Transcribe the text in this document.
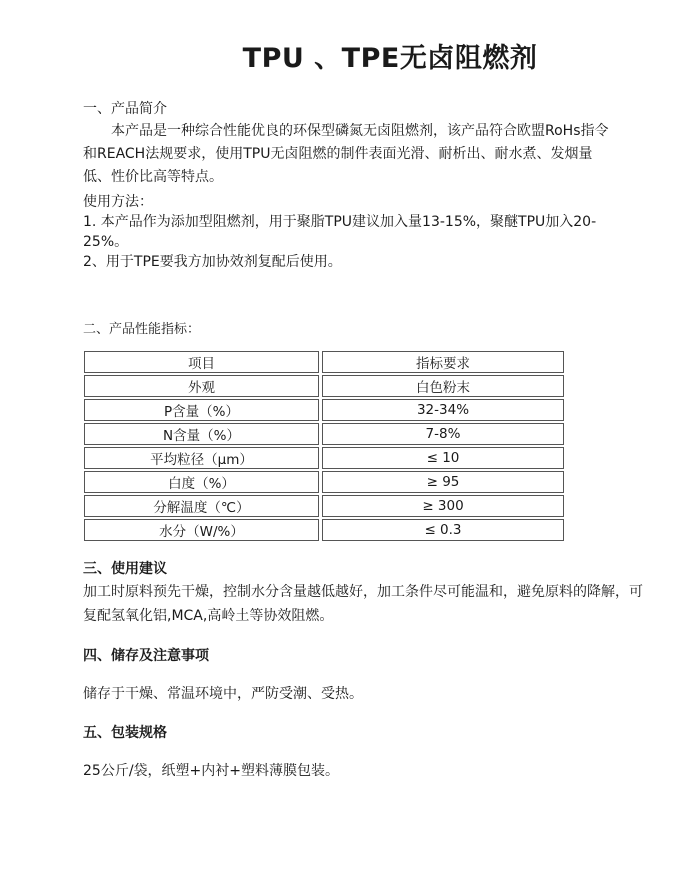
TPU 、TPE无卤阻燃剂
一、产品简介
本产品是一种综合性能优良的环保型磷氮无卤阻燃剂，该产品符合欧盟RoHs指令和REACH法规要求，使用TPU无卤阻燃的制件表面光滑、耐析出、耐水煮、发烟量低、性价比高等特点。
使用方法：
1. 本产品作为添加型阻燃剂，用于聚脂TPU建议加入量13-15%，聚醚TPU加入20-25%。
2、用于TPE要我方加协效剂复配后使用。
二、产品性能指标：
项目	指标要求
外观	白色粉末
P含量（%）	32-34%
N含量（%）	7-8%
平均粒径（μm）	≤ 10
白度（%）	≥ 95
分解温度（℃）	≥ 300
水分（W/%）	≤ 0.3
三、使用建议
加工时原料预先干燥，控制水分含量越低越好，加工条件尽可能温和，避免原料的降解，可复配氢氧化铝,MCA,高岭土等协效阻燃。
四、储存及注意事项
储存于干燥、常温环境中，严防受潮、受热。
五、包装规格
25公斤/袋，纸塑+内衬+塑料薄膜包装。
